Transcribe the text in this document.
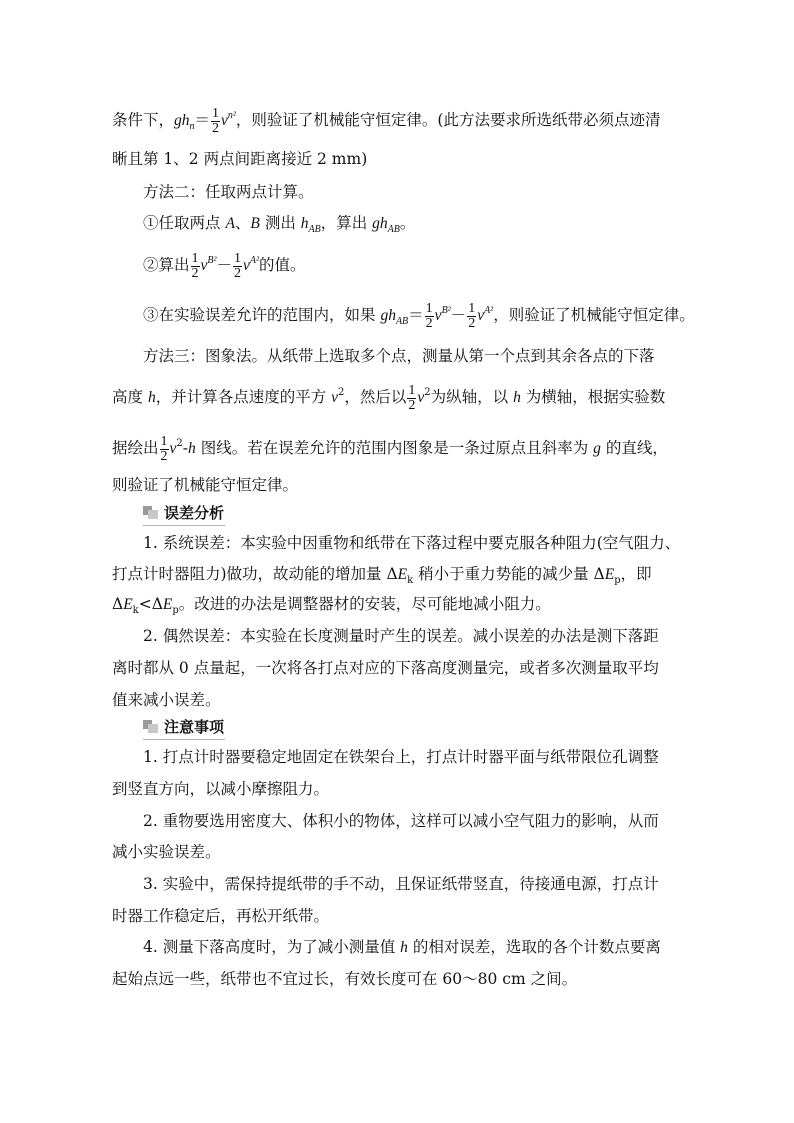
条件下，$gh_n= \frac{1}{2} v^{n^2}$，则验证了机械能守恒定律。(此方法要求所选纸带必须点迹清
晰且第 1、2 两点间距离接近 2 mm)
方法二：任取两点计算。
①任取两点 A、B 测出 $h_{AB}$，算出 $gh_{AB}$。
②算出 $\frac{1}{2} v^{B^2}- \frac{1}{2} v^{A^2}$的值。
③在实验误差允许的范围内，如果 $gh_{AB}= \frac{1}{2} v^{B^2}- \frac{1}{2} v^{A^2}$，则验证了机械能守恒定律。
方法三：图象法。从纸带上选取多个点，测量从第一个点到其余各点的下落
高度 h，并计算各点速度的平方 $v^2$，然后以 $\frac{1}{2} v^2$为纵轴，以 h 为横轴，根据实验数
据绘出 $\frac{1}{2} v^2-h$ 图线。若在误差允许的范围内图象是一条过原点且斜率为 g 的直线，
则验证了机械能守恒定律。
误差分析
1. 系统误差：本实验中因重物和纸带在下落过程中要克服各种阻力(空气阻力、
打点计时器阻力)做功，故动能的增加量 $\Delta E_k$ 稍小于重力势能的减少量 $\Delta E_p$，即
$\Delta E_k<\Delta E_p$。改进的办法是调整器材的安装，尽可能地减小阻力。
2. 偶然误差：本实验在长度测量时产生的误差。减小误差的办法是测下落距
离时都从 0 点量起，一次将各打点对应的下落高度测量完，或者多次测量取平均
值来减小误差。
注意事项
1. 打点计时器要稳定地固定在铁架台上，打点计时器平面与纸带限位孔调整
到竖直方向，以减小摩擦阻力。
2. 重物要选用密度大、体积小的物体，这样可以减小空气阻力的影响，从而
减小实验误差。
3. 实验中，需保持提纸带的手不动，且保证纸带竖直，待接通电源，打点计
时器工作稳定后，再松开纸带。
4. 测量下落高度时，为了减小测量值 h 的相对误差，选取的各个计数点要离
起始点远一些，纸带也不宜过长，有效长度可在 60～80 cm 之间。
